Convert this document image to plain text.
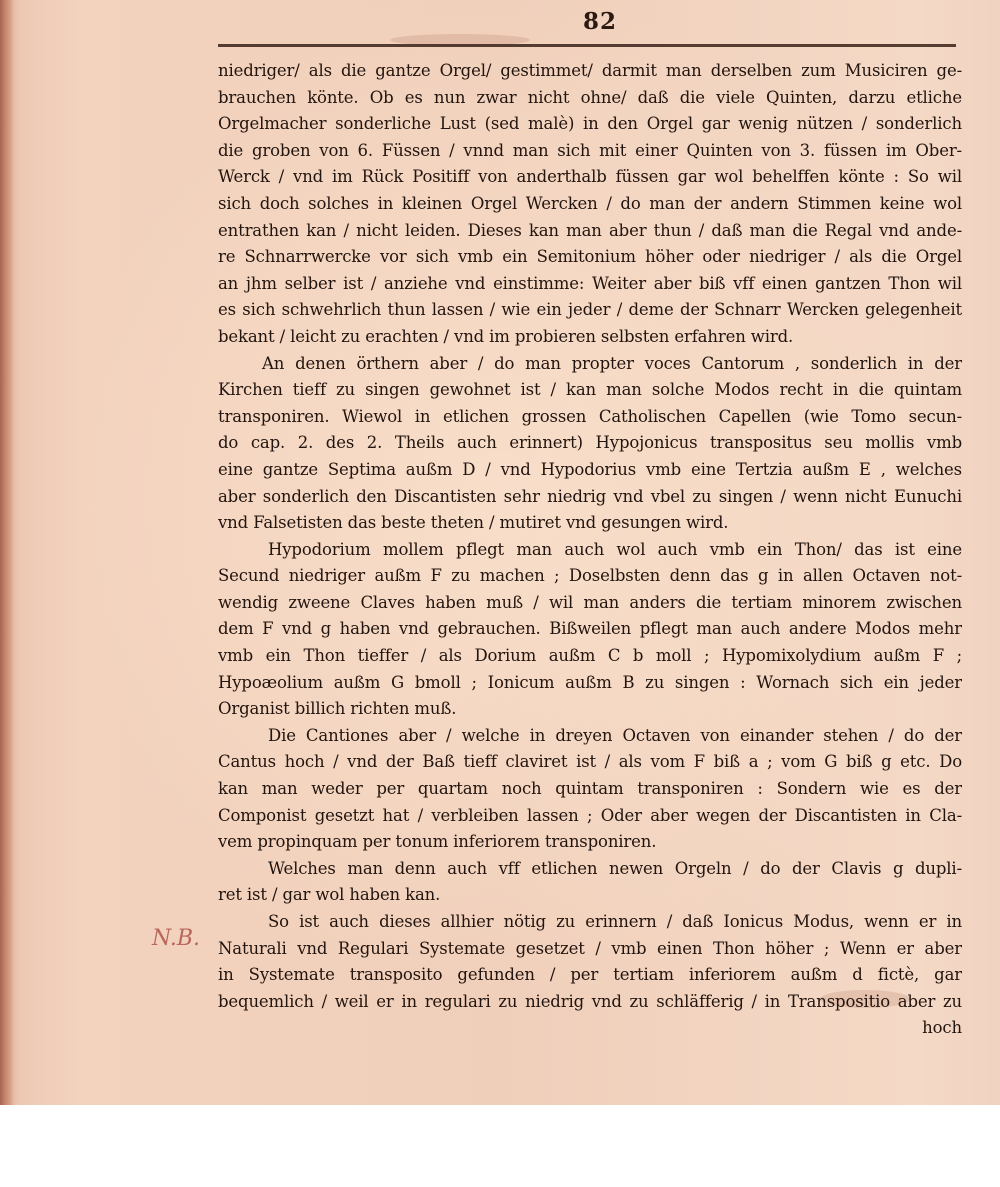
82
N.B.
niedriger/ als die gantze Orgel/ gestimmet/ darmit man derselben zum Musiciren ge-
brauchen könte. Ob es nun zwar nicht ohne/ daß die viele Quinten, darzu etliche
Orgelmacher sonderliche Lust (sed malè) in den Orgel gar wenig nützen / sonderlich
die groben von 6. Füssen / vnnd man sich mit einer Quinten von 3. füssen im Ober-
Werck / vnd im Rück Positiff von anderthalb füssen gar wol behelffen könte : So wil
sich doch solches in kleinen Orgel Wercken / do man der andern Stimmen keine wol
entrathen kan / nicht leiden. Dieses kan man aber thun / daß man die Regal vnd ande-
re Schnarrwercke vor sich vmb ein Semitonium höher oder niedriger / als die Orgel
an jhm selber ist / anziehe vnd einstimme: Weiter aber biß vff einen gantzen Thon wil
es sich schwehrlich thun lassen / wie ein jeder / deme der Schnarr Wercken gelegenheit
bekant / leicht zu erachten / vnd im probieren selbsten erfahren wird.
An denen örthern aber / do man propter voces Cantorum , sonderlich in der
Kirchen tieff zu singen gewohnet ist / kan man solche Modos recht in die quintam
transponiren. Wiewol in etlichen grossen Catholischen Capellen (wie Tomo secun-
do cap. 2. des 2. Theils auch erinnert) Hypojonicus transpositus seu mollis vmb
eine gantze Septima außm D / vnd Hypodorius vmb eine Tertzia außm E , welches
aber sonderlich den Discantisten sehr niedrig vnd vbel zu singen / wenn nicht Eunuchi
vnd Falsetisten das beste theten / mutiret vnd gesungen wird.
Hypodorium mollem pflegt man auch wol auch vmb ein Thon/ das ist eine
Secund niedriger außm F zu machen ; Doselbsten denn das g in allen Octaven not-
wendig zweene Claves haben muß / wil man anders die tertiam minorem zwischen
dem F vnd g haben vnd gebrauchen. Bißweilen pflegt man auch andere Modos mehr
vmb ein Thon tieffer / als Dorium außm C b moll ; Hypomixolydium außm F ;
Hypoæolium außm G bmoll ; Ionicum außm B zu singen : Wornach sich ein jeder
Organist billich richten muß.
Die Cantiones aber / welche in dreyen Octaven von einander stehen / do der
Cantus hoch / vnd der Baß tieff claviret ist / als vom F biß a ; vom G biß g etc. Do
kan man weder per quartam noch quintam transponiren : Sondern wie es der
Componist gesetzt hat / verbleiben lassen ; Oder aber wegen der Discantisten in Cla-
vem propinquam per tonum inferiorem transponiren.
Welches man denn auch vff etlichen newen Orgeln / do der Clavis g dupli-
ret ist / gar wol haben kan.
So ist auch dieses allhier nötig zu erinnern / daß Ionicus Modus, wenn er in
Naturali vnd Regulari Systemate gesetzet / vmb einen Thon höher ; Wenn er aber
in Systemate transposito gefunden / per tertiam inferiorem außm d fictè, gar
bequemlich / weil er in regulari zu niedrig vnd zu schläfferig / in Transpositio aber zu
hoch
